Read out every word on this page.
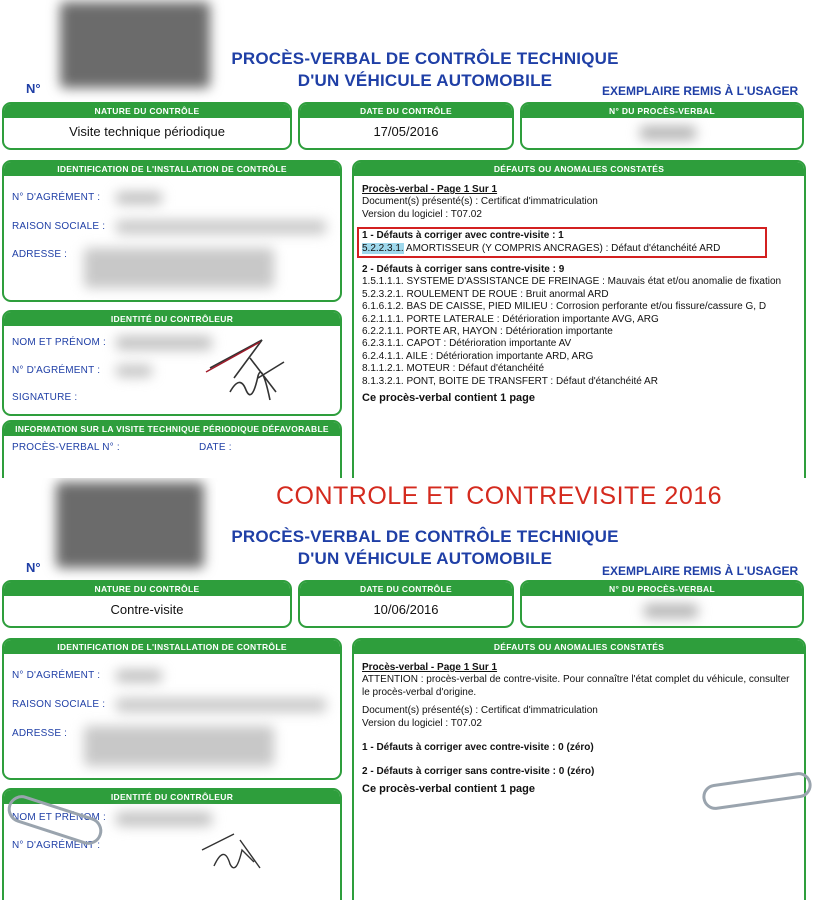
PROCÈS-VERBAL DE CONTRÔLE TECHNIQUE
D'UN VÉHICULE AUTOMOBILE
N°	EXEMPLAIRE REMIS À L'USAGER
NATURE DU CONTRÔLE
Visite technique périodique
DATE DU CONTRÔLE
17/05/2016
N° DU PROCÈS-VERBAL
IDENTIFICATION DE L'INSTALLATION DE CONTRÔLE
N° D'AGRÉMENT :
RAISON SOCIALE :
ADRESSE :
IDENTITÉ DU CONTRÔLEUR
NOM ET PRÉNOM :
N° D'AGRÉMENT :
SIGNATURE :
INFORMATION SUR LA VISITE TECHNIQUE PÉRIODIQUE DÉFAVORABLE
PROCÈS-VERBAL N° :	DATE :
DÉFAUTS OU ANOMALIES CONSTATÉS

Procès-verbal - Page 1 Sur 1

Document(s) présenté(s) : Certificat d'immatriculation

Version du logiciel : T07.02

1 - Défauts à corriger avec contre-visite : 1

5.2.2.3.1. AMORTISSEUR (Y COMPRIS ANCRAGES) : Défaut d'étanchéité ARD

2 - Défauts à corriger sans contre-visite : 9

1.5.1.1.1. SYSTEME D'ASSISTANCE DE FREINAGE : Mauvais état et/ou anomalie de fixation

5.2.3.2.1. ROULEMENT DE ROUE : Bruit anormal ARD

6.1.6.1.2. BAS DE CAISSE, PIED MILIEU : Corrosion perforante et/ou fissure/cassure G, D

6.2.1.1.1. PORTE LATERALE : Détérioration importante AVG, ARG

6.2.2.1.1. PORTE AR, HAYON : Détérioration importante

6.2.3.1.1. CAPOT : Détérioration importante AV

6.2.4.1.1. AILE : Détérioration importante ARD, ARG

8.1.1.2.1. MOTEUR : Défaut d'étanchéité

8.1.3.2.1. PONT, BOITE DE TRANSFERT : Défaut d'étanchéité AR

Ce procès-verbal contient 1 page

PROCÈS-VERBAL DE CONTRÔLE TECHNIQUE
D'UN VÉHICULE AUTOMOBILE
N°	EXEMPLAIRE REMIS À L'USAGER
NATURE DU CONTRÔLE
Contre-visite
DATE DU CONTRÔLE
10/06/2016
N° DU PROCÈS-VERBAL
IDENTIFICATION DE L'INSTALLATION DE CONTRÔLE
N° D'AGRÉMENT :
RAISON SOCIALE :
ADRESSE :
IDENTITÉ DU CONTRÔLEUR
NOM ET PRÉNOM :
N° D'AGRÉMENT :
DÉFAUTS OU ANOMALIES CONSTATÉS

Procès-verbal - Page 1 Sur 1

ATTENTION : procès-verbal de contre-visite. Pour connaître l'état complet du véhicule, consulter le procès-verbal d'origine.

Document(s) présenté(s) : Certificat d'immatriculation

Version du logiciel : T07.02

1 - Défauts à corriger avec contre-visite : 0 (zéro)

2 - Défauts à corriger sans contre-visite : 0 (zéro)

Ce procès-verbal contient 1 page

CONTROLE ET CONTREVISITE 2016
